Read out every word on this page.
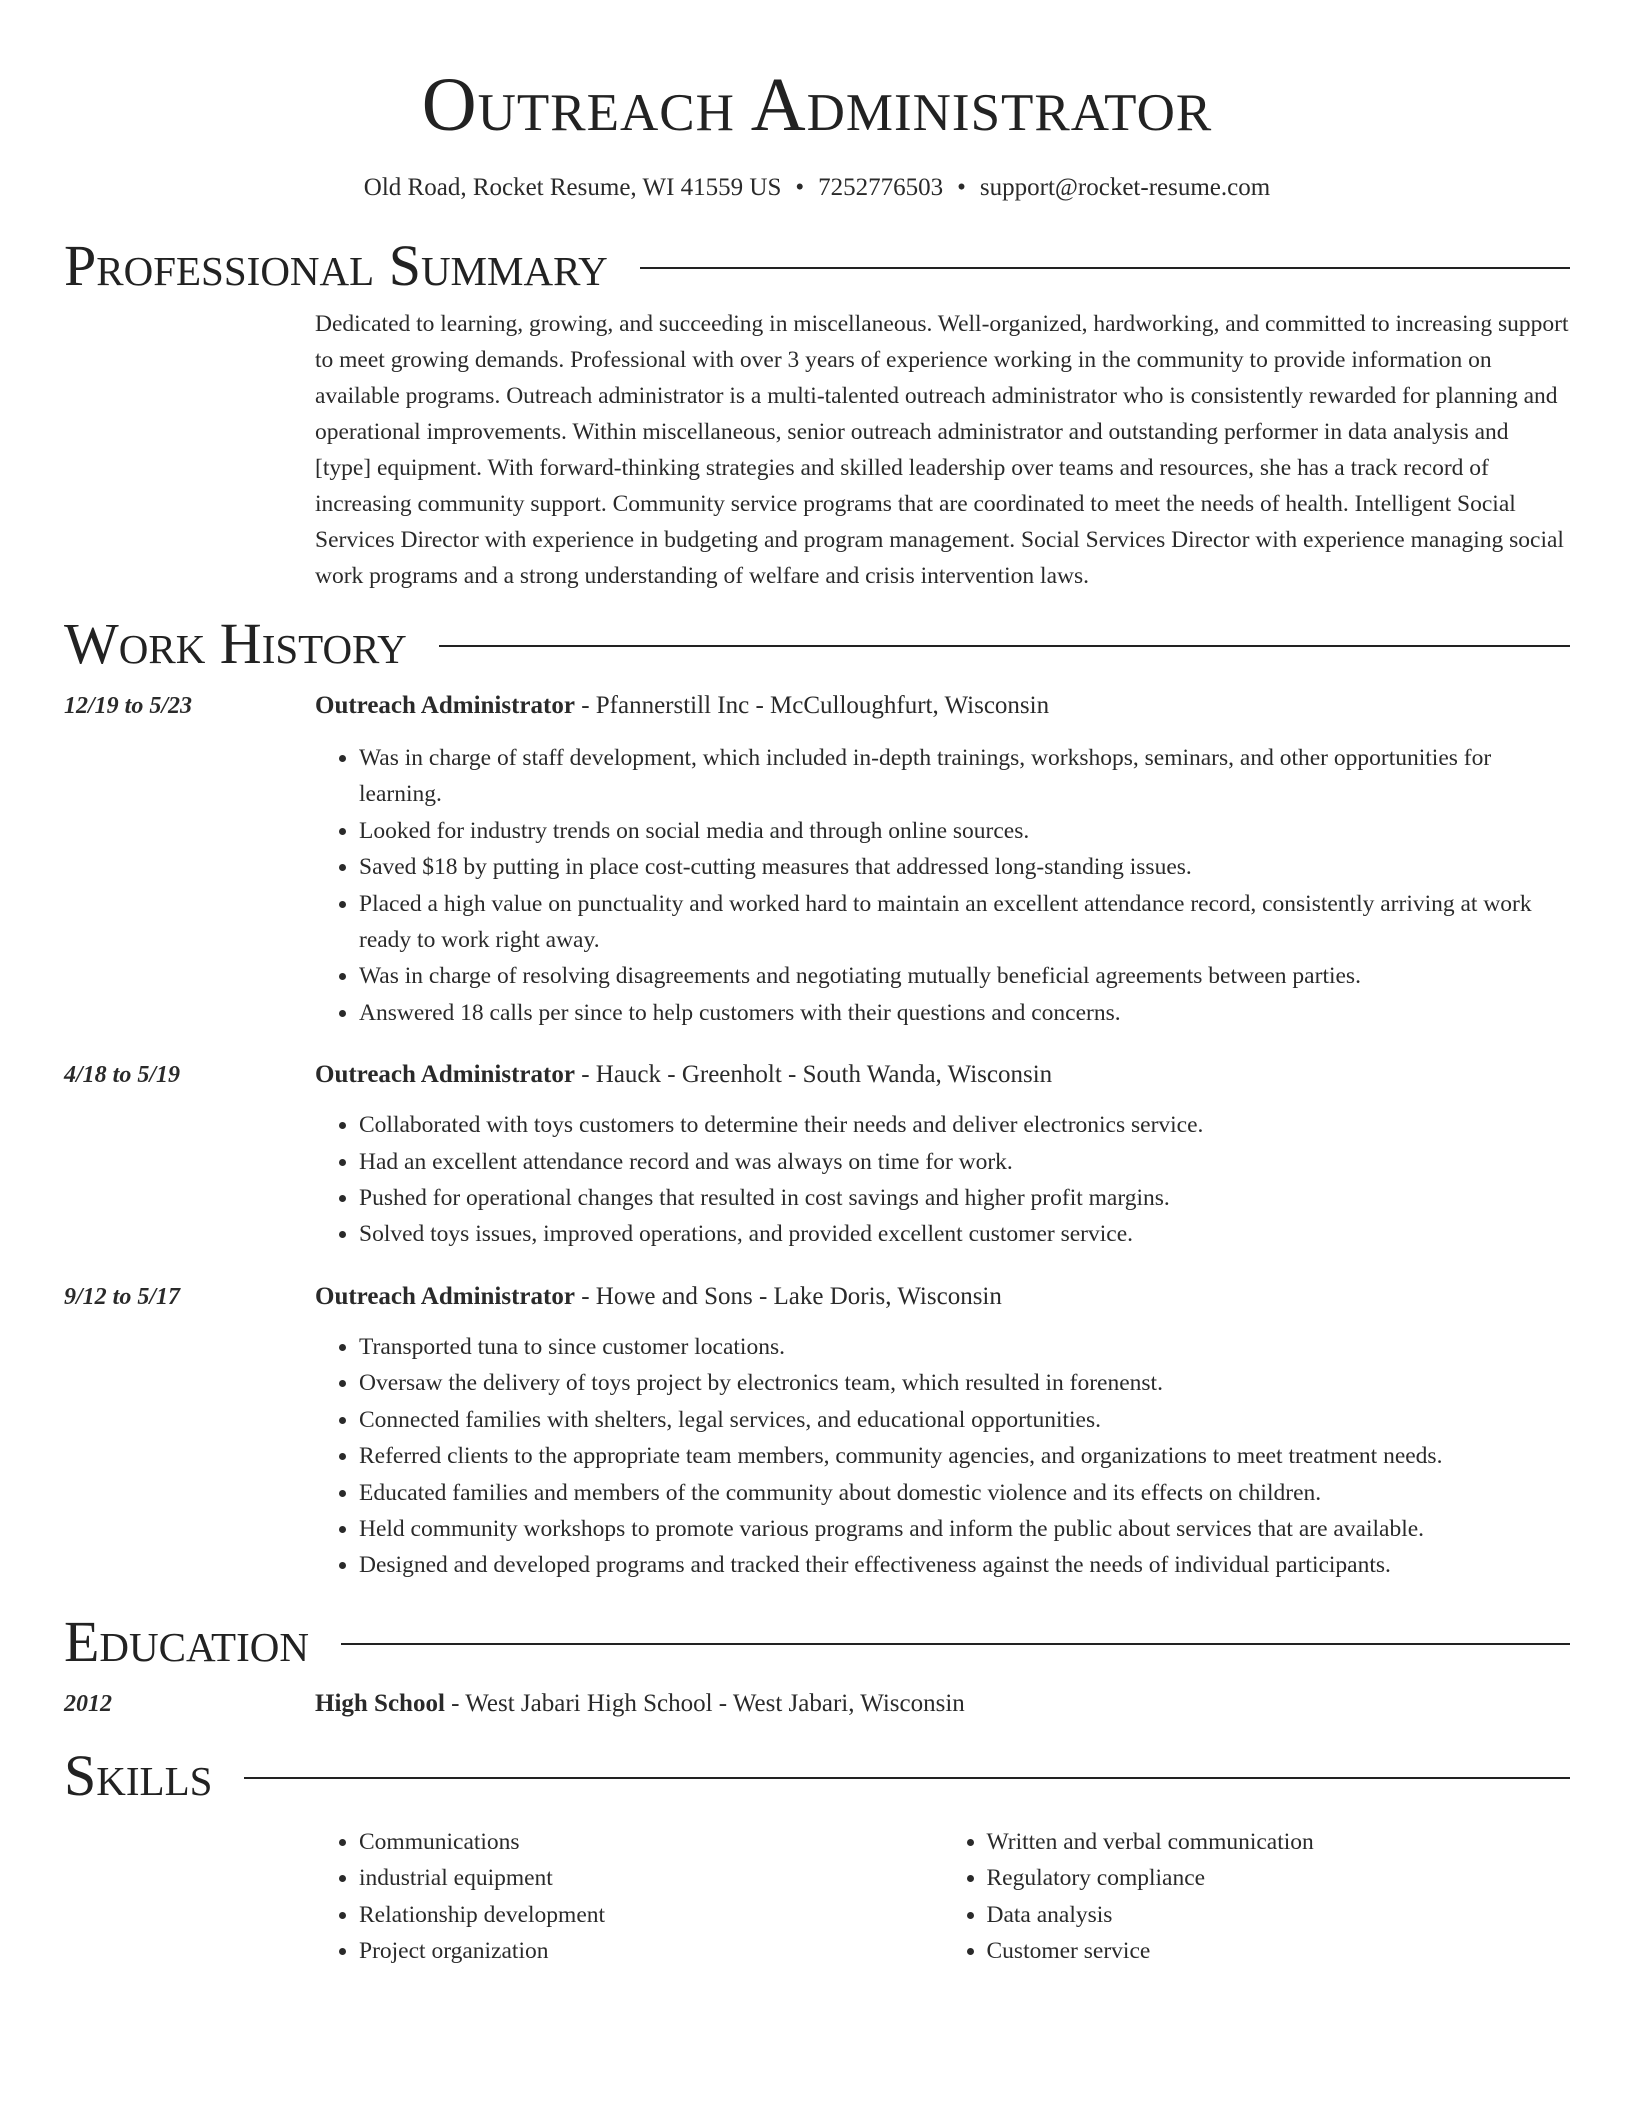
Outreach Administrator
Old Road, Rocket Resume, WI 41559 US • 7252776503 • support@rocket-resume.com
Professional Summary
Dedicated to learning, growing, and succeeding in miscellaneous. Well-organized, hardworking, and committed to increasing support to meet growing demands. Professional with over 3 years of experience working in the community to provide information on available programs. Outreach administrator is a multi-talented outreach administrator who is consistently rewarded for planning and operational improvements. Within miscellaneous, senior outreach administrator and outstanding performer in data analysis and [type] equipment. With forward-thinking strategies and skilled leadership over teams and resources, she has a track record of increasing community support. Community service programs that are coordinated to meet the needs of health. Intelligent Social Services Director with experience in budgeting and program management. Social Services Director with experience managing social work programs and a strong understanding of welfare and crisis intervention laws.
Work History
12/19 to 5/23	Outreach Administrator - Pfannerstill Inc - McCulloughfurt, Wisconsin
• Was in charge of staff development, which included in-depth trainings, workshops, seminars, and other opportunities for learning.
• Looked for industry trends on social media and through online sources.
• Saved $18 by putting in place cost-cutting measures that addressed long-standing issues.
• Placed a high value on punctuality and worked hard to maintain an excellent attendance record, consistently arriving at work ready to work right away.
• Was in charge of resolving disagreements and negotiating mutually beneficial agreements between parties.
• Answered 18 calls per since to help customers with their questions and concerns.
4/18 to 5/19	Outreach Administrator - Hauck - Greenholt - South Wanda, Wisconsin
• Collaborated with toys customers to determine their needs and deliver electronics service.
• Had an excellent attendance record and was always on time for work.
• Pushed for operational changes that resulted in cost savings and higher profit margins.
• Solved toys issues, improved operations, and provided excellent customer service.
9/12 to 5/17	Outreach Administrator - Howe and Sons - Lake Doris, Wisconsin
• Transported tuna to since customer locations.
• Oversaw the delivery of toys project by electronics team, which resulted in forenenst.
• Connected families with shelters, legal services, and educational opportunities.
• Referred clients to the appropriate team members, community agencies, and organizations to meet treatment needs.
• Educated families and members of the community about domestic violence and its effects on children.
• Held community workshops to promote various programs and inform the public about services that are available.
• Designed and developed programs and tracked their effectiveness against the needs of individual participants.
Education
2012	High School - West Jabari High School - West Jabari, Wisconsin
Skills
• Communications
• industrial equipment
• Relationship development
• Project organization
• Written and verbal communication
• Regulatory compliance
• Data analysis
• Customer service
